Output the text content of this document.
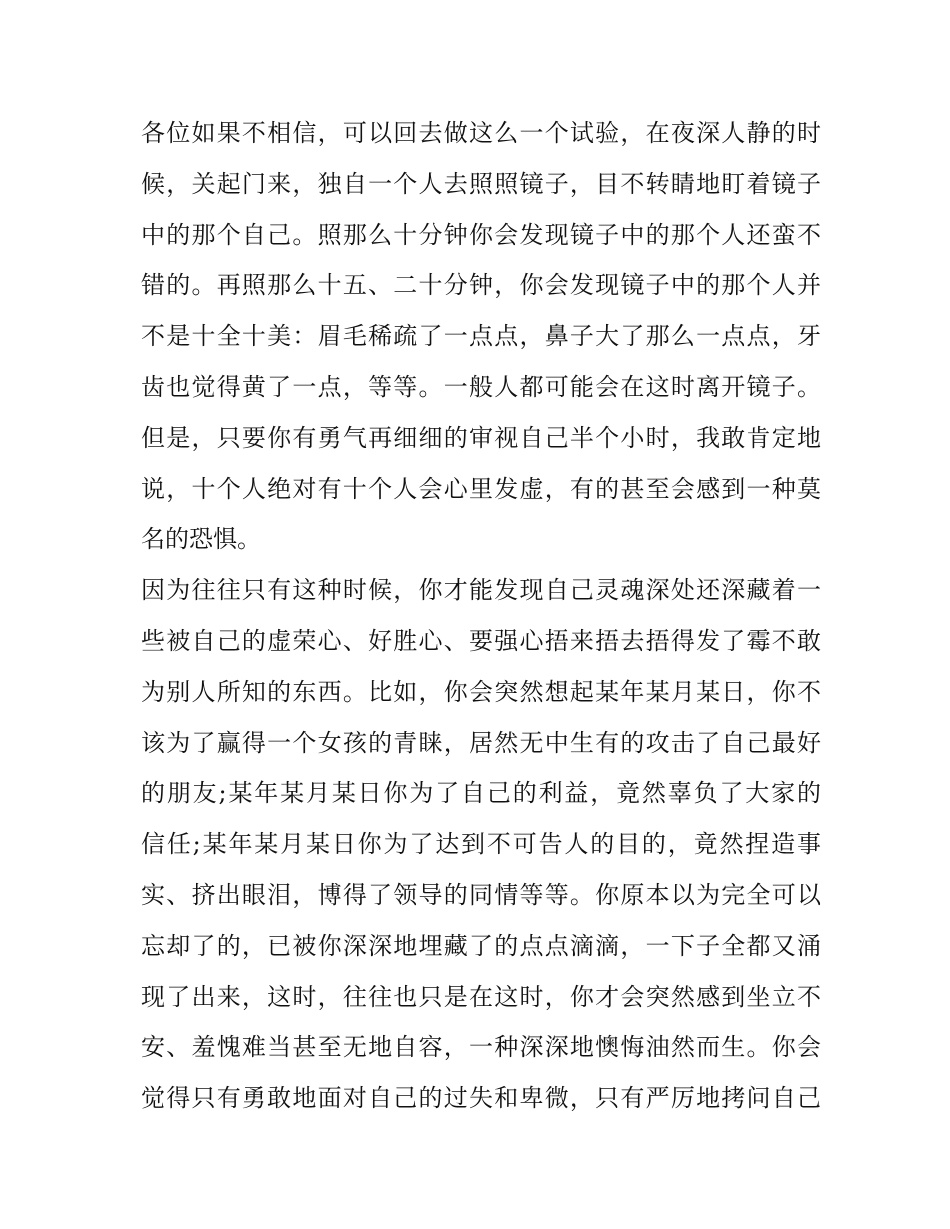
各位如果不相信，可以回去做这么一个试验，在夜深人静的时
候，关起门来，独自一个人去照照镜子，目不转睛地盯着镜子
中的那个自己。照那么十分钟你会发现镜子中的那个人还蛮不
错的。再照那么十五、二十分钟，你会发现镜子中的那个人并
不是十全十美：眉毛稀疏了一点点，鼻子大了那么一点点，牙
齿也觉得黄了一点，等等。一般人都可能会在这时离开镜子。
但是，只要你有勇气再细细的审视自己半个小时，我敢肯定地
说，十个人绝对有十个人会心里发虚，有的甚至会感到一种莫
名的恐惧。
因为往往只有这种时候，你才能发现自己灵魂深处还深藏着一
些被自己的虚荣心、好胜心、要强心捂来捂去捂得发了霉不敢
为别人所知的东西。比如，你会突然想起某年某月某日，你不
该为了赢得一个女孩的青睐，居然无中生有的攻击了自己最好
的朋友;某年某月某日你为了自己的利益，竟然辜负了大家的
信任;某年某月某日你为了达到不可告人的目的，竟然捏造事
实、挤出眼泪，博得了领导的同情等等。你原本以为完全可以
忘却了的，已被你深深地埋藏了的点点滴滴，一下子全都又涌
现了出来，这时，往往也只是在这时，你才会突然感到坐立不
安、羞愧难当甚至无地自容，一种深深地懊悔油然而生。你会
觉得只有勇敢地面对自己的过失和卑微，只有严厉地拷问自己
